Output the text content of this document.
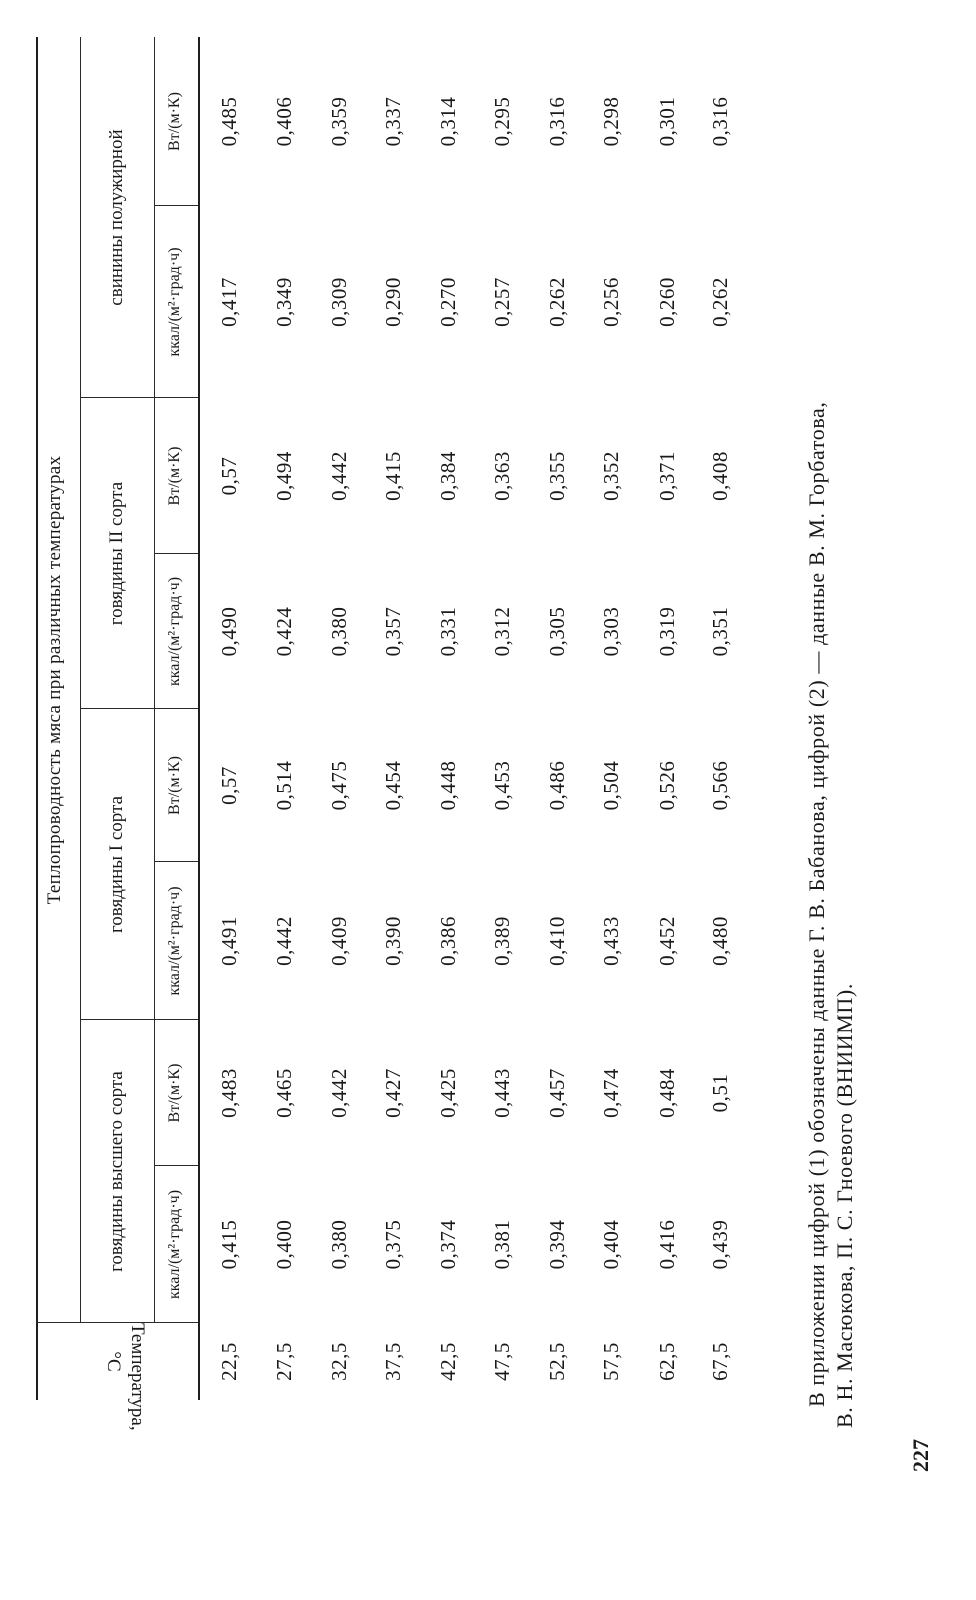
227
Температура,
°C
Теплопроводность мяса при различных температурах
говядины высшего сорта ккал/(м²·град·ч)
Вт/(м·К)
говядины I сорта
ккал/(м²·град·ч)
Вт/(м·К)
говядины II сорта
ккал/(м²·град·ч)
Вт/(м·К)
свинины полужирной ккал/(м²·град·ч)
Вт/(м·К)
22,5
0,415
0,483
0,491
0,57
0,490
0,57
0,417
0,485
27,5
0,400
0,465
0,442
0,514
0,424
0,494
0,349
0,406
32,5
0,380
0,442
0,409
0,475
0,380
0,442
0,309
0,359
37,5
0,375
0,427
0,390
0,454
0,357
0,415
0,290
0,337
42,5
0,374
0,425
0,386
0,448
0,331
0,384
0,270
0,314
47,5
0,381
0,443
0,389
0,453
0,312
0,363
0,257
0,295
52,5
0,394
0,457
0,410
0,486
0,305
0,355
0,262
0,316
57,5
0,404
0,474
0,433
0,504
0,303
0,352
0,256
0,298
62,5
0,416
0,484
0,452
0,526
0,319
0,371
0,260
0,301
67,5
0,439
0,51
0,480
0,566
0,351
0,408
0,262
0,316
В приложении цифрой (1) обозначены данные Г. В. Бабанова, цифрой (2) — данные В. М. Горбатова, В. Н. Масюкова, П. С. Гноевого (ВНИИМП).
